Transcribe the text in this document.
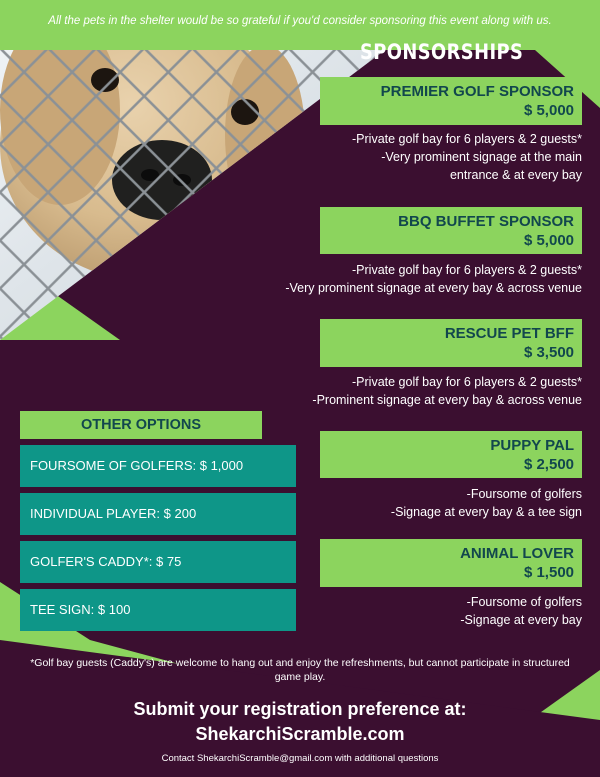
All the pets in the shelter would be so grateful if you'd consider sponsoring this event along with us.
SPONSORSHIPS
PREMIER GOLF SPONSOR
$ 5,000
-Private golf bay for 6 players & 2 guests*
-Very prominent signage at the main
entrance & at every bay
BBQ BUFFET SPONSOR
$ 5,000
-Private golf bay for 6 players & 2 guests*
-Very prominent signage at every bay & across venue
RESCUE PET BFF
$ 3,500
-Private golf bay for 6 players & 2 guests*
-Prominent signage at every bay & across venue
PUPPY PAL
$ 2,500
-Foursome of golfers
-Signage at every bay & a tee sign
ANIMAL LOVER
$ 1,500
-Foursome of golfers
-Signage at every bay
OTHER OPTIONS
FOURSOME OF GOLFERS: $ 1,000
INDIVIDUAL PLAYER: $ 200
GOLFER'S CADDY*: $ 75
TEE SIGN: $ 100
*Golf bay guests (Caddy's) are welcome to hang out and enjoy the refreshments, but cannot participate in structured game play.
Submit your registration preference at:
ShekarchiScramble.com
Contact ShekarchiScramble@gmail.com with additional questions
